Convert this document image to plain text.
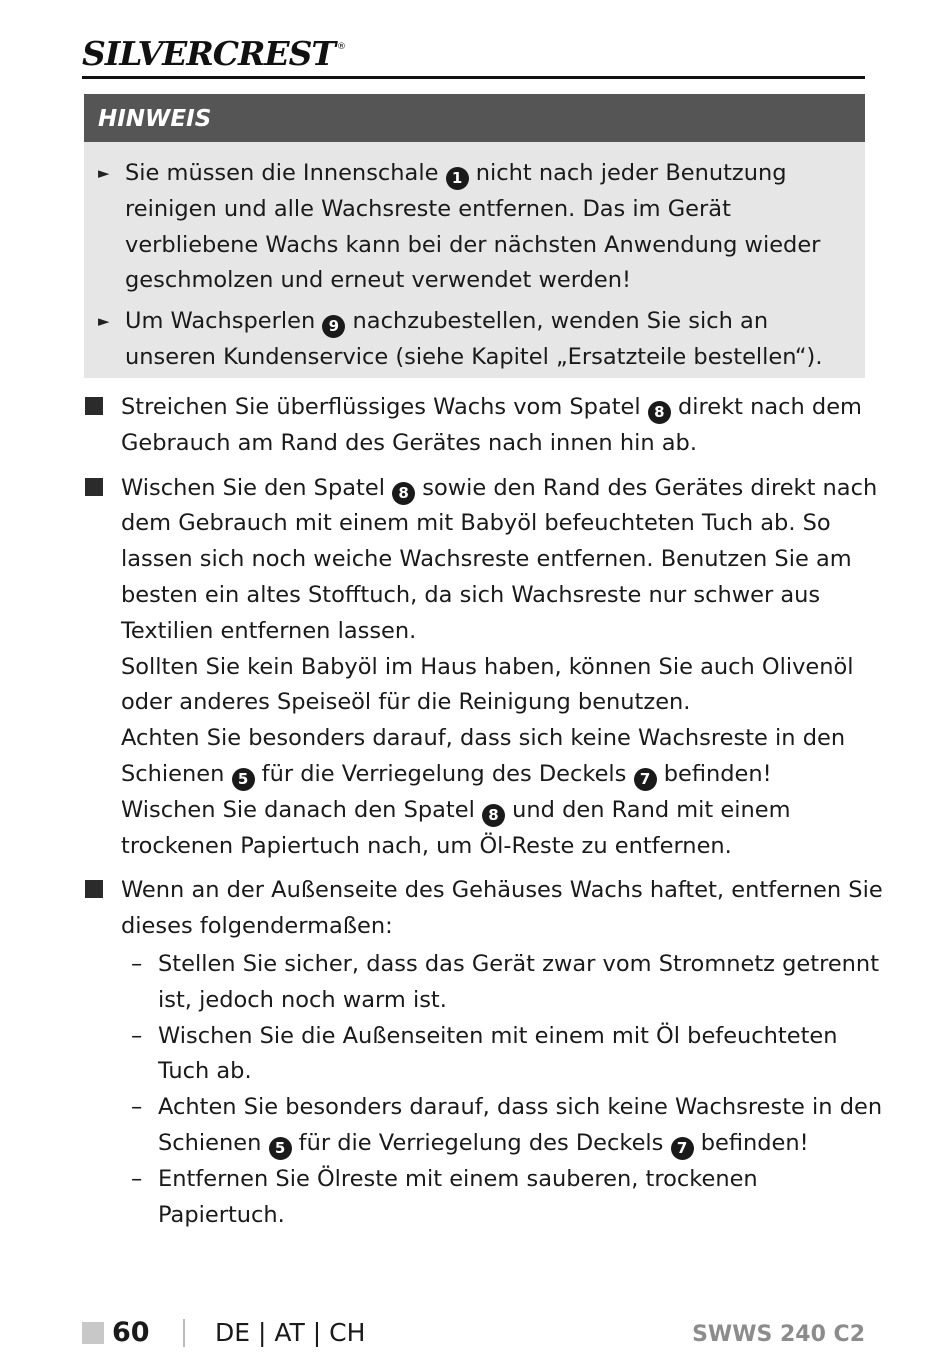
SILVERCREST ®
HINWEIS
► Sie müssen die Innenschale 1 nicht nach jeder Benutzung reinigen und alle Wachsreste entfernen. Das im Gerät verbliebene Wachs kann bei der nächsten Anwendung wieder geschmolzen und erneut verwendet werden!
► Um Wachsperlen 9 nachzubestellen, wenden Sie sich an unseren Kundenservice (siehe Kapitel „Ersatzteile bestellen“).
Streichen Sie überflüssiges Wachs vom Spatel 8 direkt nach dem Gebrauch am Rand des Gerätes nach innen hin ab.
Wischen Sie den Spatel 8 sowie den Rand des Gerätes direkt nach dem Gebrauch mit einem mit Babyöl befeuchteten Tuch ab. So lassen sich noch weiche Wachsreste entfernen. Benutzen Sie am besten ein altes Stofftuch, da sich Wachsreste nur schwer aus Textilien entfernen lassen.
Sollten Sie kein Babyöl im Haus haben, können Sie auch Olivenöl oder anderes Speiseöl für die Reinigung benutzen.
Achten Sie besonders darauf, dass sich keine Wachsreste in den Schienen 5 für die Verriegelung des Deckels 7 befinden!
Wischen Sie danach den Spatel 8 und den Rand mit einem trockenen Papiertuch nach, um Öl-Reste zu entfernen.
Wenn an der Außenseite des Gehäuses Wachs haftet, entfernen Sie dieses folgendermaßen:
– Stellen Sie sicher, dass das Gerät zwar vom Stromnetz getrennt ist, jedoch noch warm ist.
– Wischen Sie die Außenseiten mit einem mit Öl befeuchteten Tuch ab.
– Achten Sie besonders darauf, dass sich keine Wachsreste in den Schienen 5 für die Verriegelung des Deckels 7 befinden!
– Entfernen Sie Ölreste mit einem sauberen, trockenen Papiertuch.
60	DE | AT | CH	SWWS 240 C2
